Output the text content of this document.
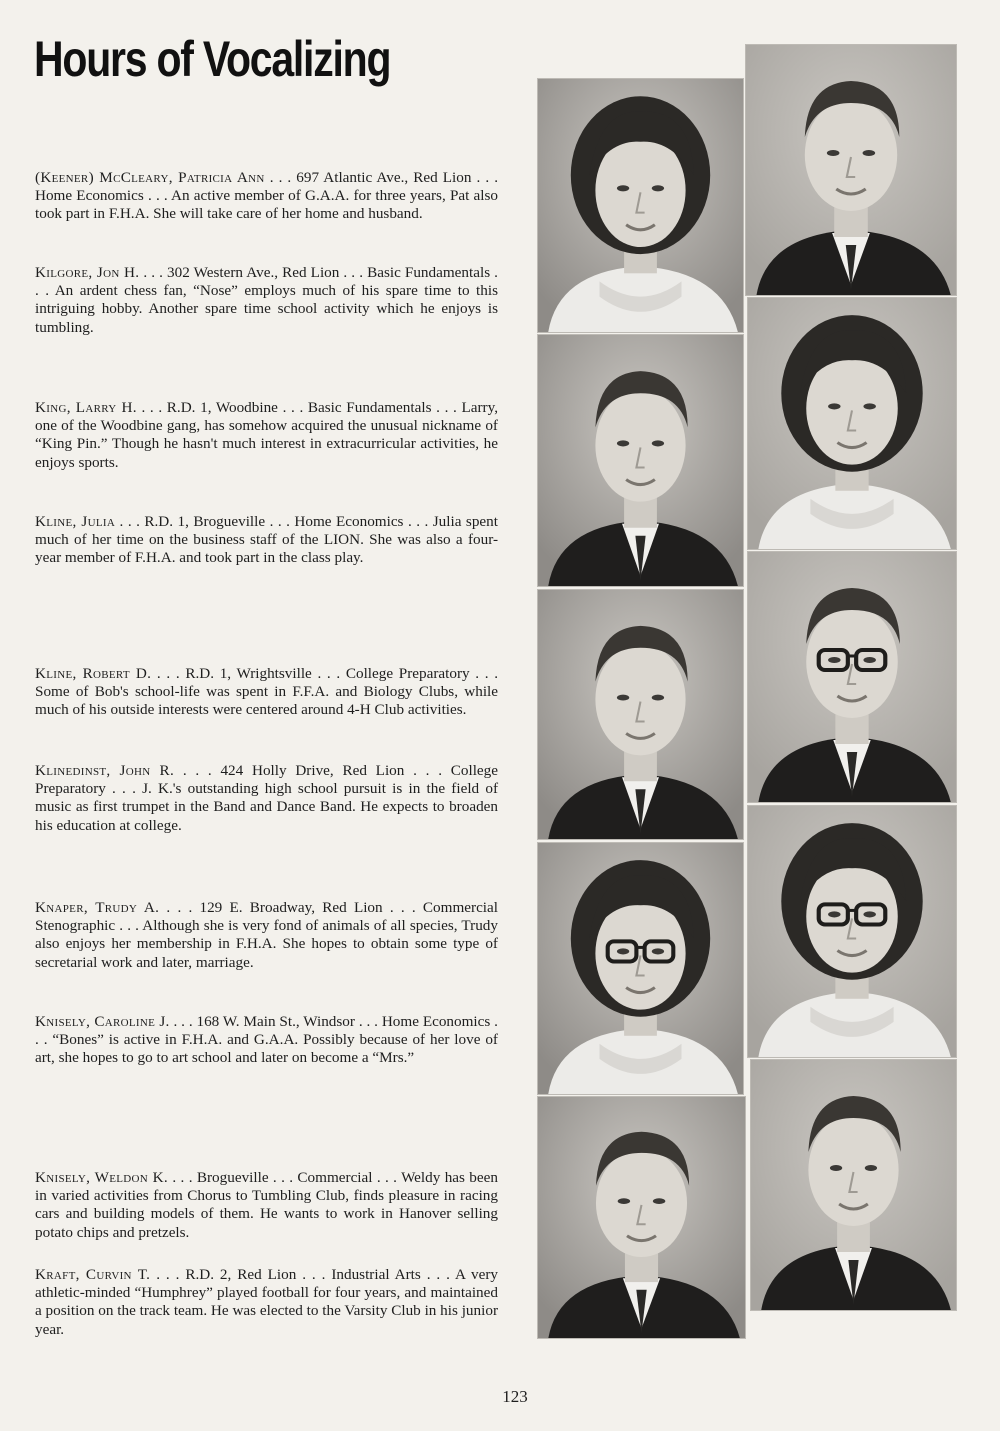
Hours of Vocalizing
(Keener) McCleary, Patricia Ann . . . 697 Atlantic Ave., Red Lion . . . Home Economics . . . An active member of G.A.A. for three years, Pat also took part in F.H.A. She will take care of her home and husband.
Kilgore, Jon H. . . . 302 Western Ave., Red Lion . . . Basic Fundamentals . . . An ardent chess fan, “Nose” employs much of his spare time to this intriguing hobby. Another spare time school activity which he enjoys is tumbling.
King, Larry H. . . . R.D. 1, Woodbine . . . Basic Fundamentals . . . Larry, one of the Woodbine gang, has somehow acquired the unusual nickname of “King Pin.” Though he hasn't much interest in extracurricular activities, he enjoys sports.
Kline, Julia . . . R.D. 1, Brogueville . . . Home Economics . . . Julia spent much of her time on the business staff of the LION. She was also a four-year member of F.H.A. and took part in the class play.
Kline, Robert D. . . . R.D. 1, Wrightsville . . . College Preparatory . . . Some of Bob's school-life was spent in F.F.A. and Biology Clubs, while much of his outside interests were centered around 4-H Club activities.
Klinedinst, John R. . . . 424 Holly Drive, Red Lion . . . College Preparatory . . . J. K.'s outstanding high school pursuit is in the field of music as first trumpet in the Band and Dance Band. He expects to broaden his education at college.
Knaper, Trudy A. . . . 129 E. Broadway, Red Lion . . . Commercial Stenographic . . . Although she is very fond of animals of all species, Trudy also enjoys her membership in F.H.A. She hopes to obtain some type of secretarial work and later, marriage.
Knisely, Caroline J. . . . 168 W. Main St., Windsor . . . Home Economics . . . “Bones” is active in F.H.A. and G.A.A. Possibly because of her love of art, she hopes to go to art school and later on become a “Mrs.”
Knisely, Weldon K. . . . Brogueville . . . Commercial . . . Weldy has been in varied activities from Chorus to Tumbling Club, finds pleasure in racing cars and building models of them. He wants to work in Hanover selling potato chips and pretzels.
Kraft, Curvin T. . . . R.D. 2, Red Lion . . . Industrial Arts . . . A very athletic-minded “Humphrey” played football for four years, and maintained a position on the track team. He was elected to the Varsity Club in his junior year.
123
